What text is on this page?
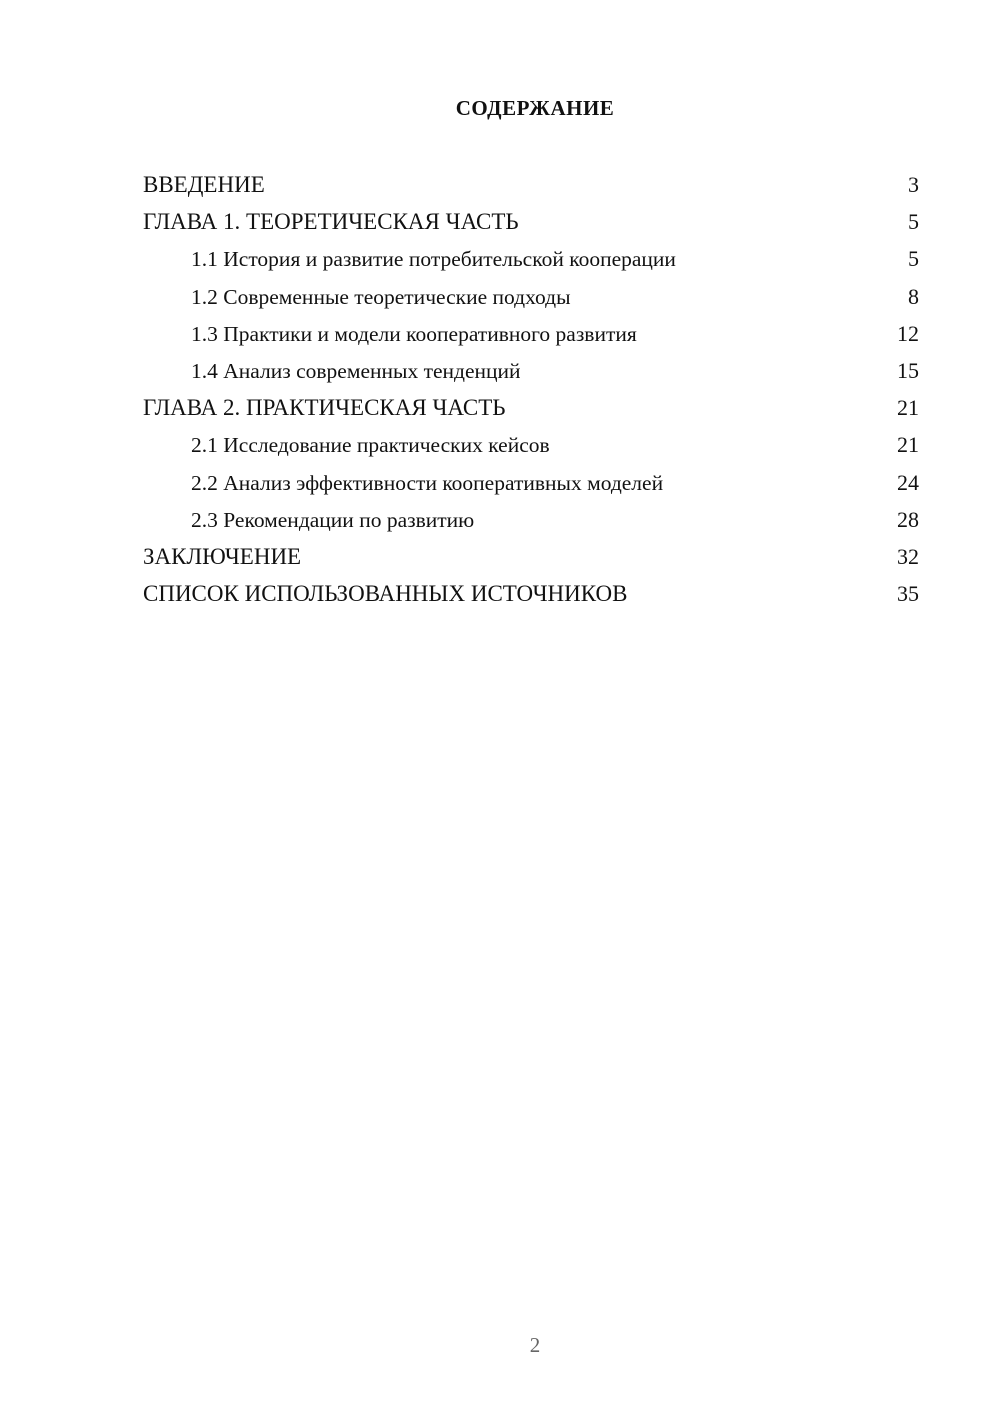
СОДЕРЖАНИЕ
ВВЕДЕНИЕ	3
ГЛАВА 1. ТЕОРЕТИЧЕСКАЯ ЧАСТЬ	5
1.1 История и развитие потребительской кооперации	5
1.2 Современные теоретические подходы	8
1.3 Практики и модели кооперативного развития	12
1.4 Анализ современных тенденций	15
ГЛАВА 2. ПРАКТИЧЕСКАЯ ЧАСТЬ	21
2.1 Исследование практических кейсов	21
2.2 Анализ эффективности кооперативных моделей	24
2.3 Рекомендации по развитию	28
ЗАКЛЮЧЕНИЕ	32
СПИСОК ИСПОЛЬЗОВАННЫХ ИСТОЧНИКОВ	35
2
